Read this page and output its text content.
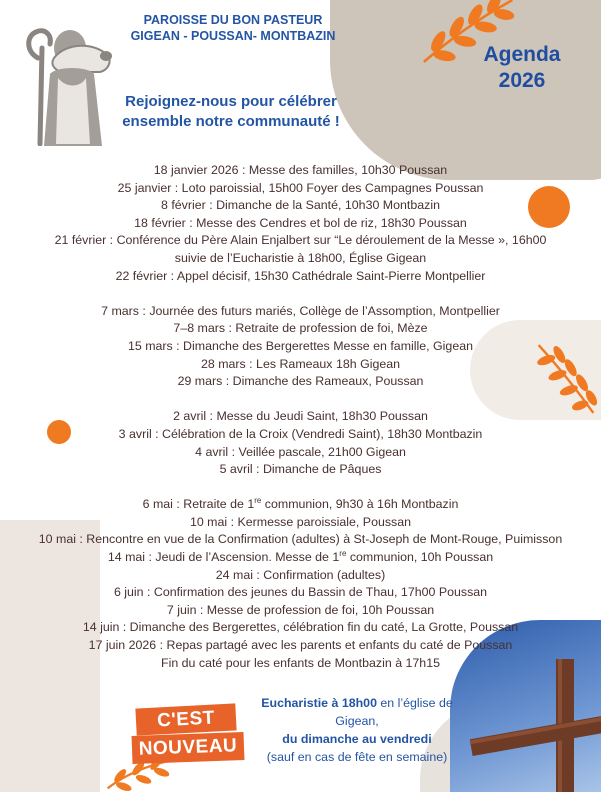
PAROISSE DU BON PASTEUR
GIGEAN - POUSSAN- MONTBAZIN
Agenda
2026
Rejoignez-nous pour célébrer
ensemble notre communauté !
18 janvier 2026 : Messe des familles, 10h30 Poussan
25 janvier : Loto paroissial, 15h00 Foyer des Campagnes Poussan
8 février : Dimanche de la Santé, 10h30 Montbazin
18 février : Messe des Cendres et bol de riz, 18h30 Poussan
21 février : Conférence du Père Alain Enjalbert sur “Le déroulement de la Messe », 16h00
suivie de l’Eucharistie à 18h00, Église Gigean
22 février : Appel décisif, 15h30 Cathédrale Saint-Pierre Montpellier
7 mars : Journée des futurs mariés, Collège de l’Assomption, Montpellier
7–8 mars : Retraite de profession de foi, Mèze
15 mars : Dimanche des Bergerettes Messe en famille, Gigean
28 mars : Les Rameaux 18h Gigean
29 mars : Dimanche des Rameaux, Poussan
2 avril : Messe du Jeudi Saint, 18h30 Poussan
3 avril : Célébration de la Croix (Vendredi Saint), 18h30 Montbazin
4 avril : Veillée pascale, 21h00 Gigean
5 avril : Dimanche de Pâques
6 mai : Retraite de 1re communion, 9h30 à 16h Montbazin
10 mai : Kermesse paroissiale, Poussan
10 mai : Rencontre en vue de la Confirmation (adultes) à St-Joseph de Mont-Rouge, Puimisson
14 mai : Jeudi de l’Ascension. Messe de 1re communion, 10h Poussan
24 mai : Confirmation (adultes)
6 juin : Confirmation des jeunes du Bassin de Thau, 17h00 Poussan
7 juin : Messe de profession de foi, 10h Poussan
14 juin : Dimanche des Bergerettes, célébration fin du caté, La Grotte, Poussan
17 juin 2026 : Repas partagé avec les parents et enfants du caté de Poussan
Fin du caté pour les enfants de Montbazin à 17h15
C'EST
NOUVEAU
Eucharistie à 18h00 en l’église de Gigean,
du dimanche au vendredi
(sauf en cas de fête en semaine)
